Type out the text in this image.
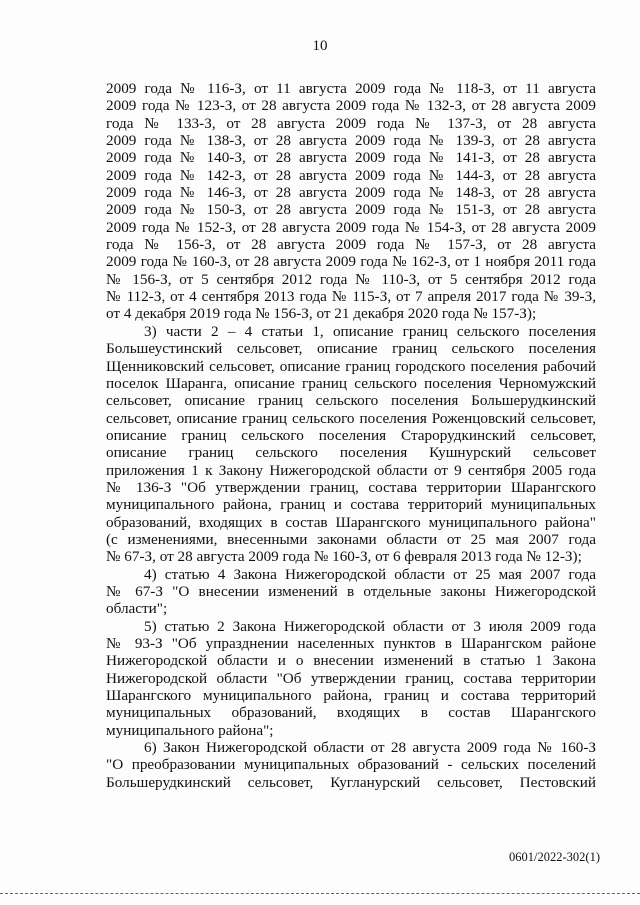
10
2009 года № 116-З, от 11 августа 2009 года № 118-З, от 11 августа
2009 года № 123-З, от 28 августа 2009 года № 132-З, от 28 августа 2009
года № 133-З, от 28 августа 2009 года № 137-З, от 28 августа
2009 года № 138-З, от 28 августа 2009 года № 139-З, от 28 августа
2009 года № 140-З, от 28 августа 2009 года № 141-З, от 28 августа
2009 года № 142-З, от 28 августа 2009 года № 144-З, от 28 августа
2009 года № 146-З, от 28 августа 2009 года № 148-З, от 28 августа
2009 года № 150-З, от 28 августа 2009 года № 151-З, от 28 августа
2009 года № 152-З, от 28 августа 2009 года № 154-З, от 28 августа 2009
года № 156-З, от 28 августа 2009 года № 157-З, от 28 августа
2009 года № 160-З, от 28 августа 2009 года № 162-З, от 1 ноября 2011 года
№ 156-З, от 5 сентября 2012 года № 110-З, от 5 сентября 2012 года
№ 112-З, от 4 сентября 2013 года № 115-З, от 7 апреля 2017 года № 39-З,
от 4 декабря 2019 года № 156-З, от 21 декабря 2020 года № 157-З);
3) части 2 – 4 статьи 1, описание границ сельского поселения
Большеустинский сельсовет, описание границ сельского поселения
Щенниковский сельсовет, описание границ городского поселения рабочий
поселок Шаранга, описание границ сельского поселения Черномужский
сельсовет, описание границ сельского поселения Большерудкинский
сельсовет, описание границ сельского поселения Роженцовский сельсовет,
описание границ сельского поселения Старорудкинский сельсовет,
описание границ сельского поселения Кушнурский сельсовет
приложения 1 к Закону Нижегородской области от 9 сентября 2005 года
№ 136-З "Об утверждении границ, состава территории Шарангского
муниципального района, границ и состава территорий муниципальных
образований, входящих в состав Шарангского муниципального района"
(с изменениями, внесенными законами области от 25 мая 2007 года
№ 67-З, от 28 августа 2009 года № 160-З, от 6 февраля 2013 года № 12-З);
4) статью 4 Закона Нижегородской области от 25 мая 2007 года
№ 67-З "О внесении изменений в отдельные законы Нижегородской
области";
5) статью 2 Закона Нижегородской области от 3 июля 2009 года
№ 93-З "Об упразднении населенных пунктов в Шарангском районе
Нижегородской области и о внесении изменений в статью 1 Закона
Нижегородской области "Об утверждении границ, состава территории
Шарангского муниципального района, границ и состава территорий
муниципальных образований, входящих в состав Шарангского
муниципального района";
6) Закон Нижегородской области от 28 августа 2009 года № 160-З
"О преобразовании муниципальных образований - сельских поселений
Большерудкинский сельсовет, Кугланурский сельсовет, Пестовский
0601/2022-302(1)
